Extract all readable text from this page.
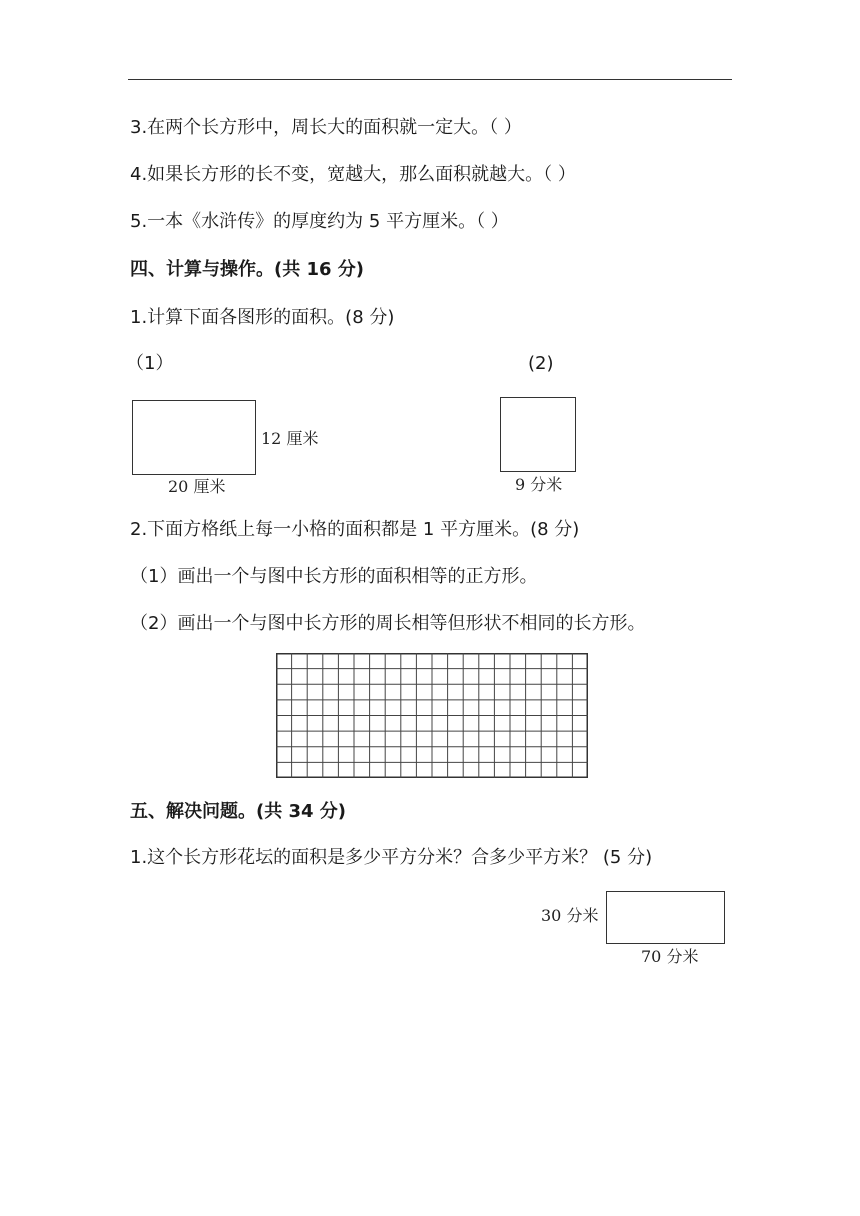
3.在两个长方形中，周长大的面积就一定大。（ ）
4.如果长方形的长不变，宽越大，那么面积就越大。（ ）
5.一本《水浒传》的厚度约为 5 平方厘米。（ ）
四、计算与操作。(共 16 分)
1.计算下面各图形的面积。(8 分)
（1）	(2)
12 厘米
20 厘米	9 分米
2.下面方格纸上每一小格的面积都是 1 平方厘米。(8 分)
（1）画出一个与图中长方形的面积相等的正方形。
（2）画出一个与图中长方形的周长相等但形状不相同的长方形。
五、解决问题。(共 34 分)
1.这个长方形花坛的面积是多少平方分米？合多少平方米？ (5 分)
30 分米
70 分米
